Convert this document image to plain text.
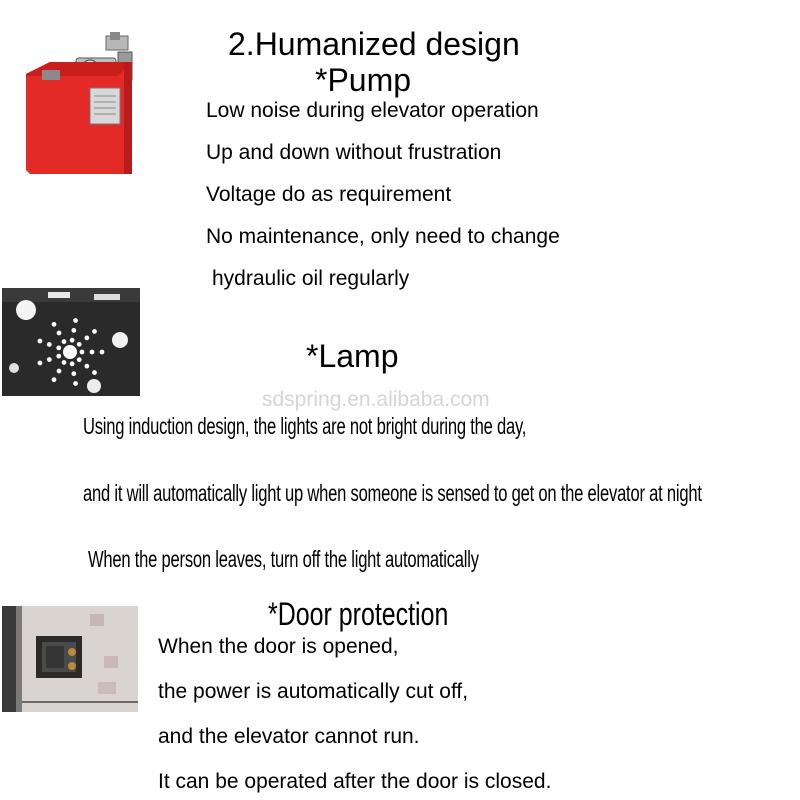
2.Humanized design
*Pump
Low noise during elevator operation
Up and down without frustration
Voltage do as requirement
No maintenance, only need to change
hydraulic oil regularly
*Lamp
sdspring.en.alibaba.com
Using induction design, the lights are not bright during the day,
and it will automatically light up when someone is sensed to get on the elevator at night
When the person leaves, turn off the light automatically
*Door protection
When the door is opened,
the power is automatically cut off,
and the elevator cannot run.
It can be operated after the door is closed.
